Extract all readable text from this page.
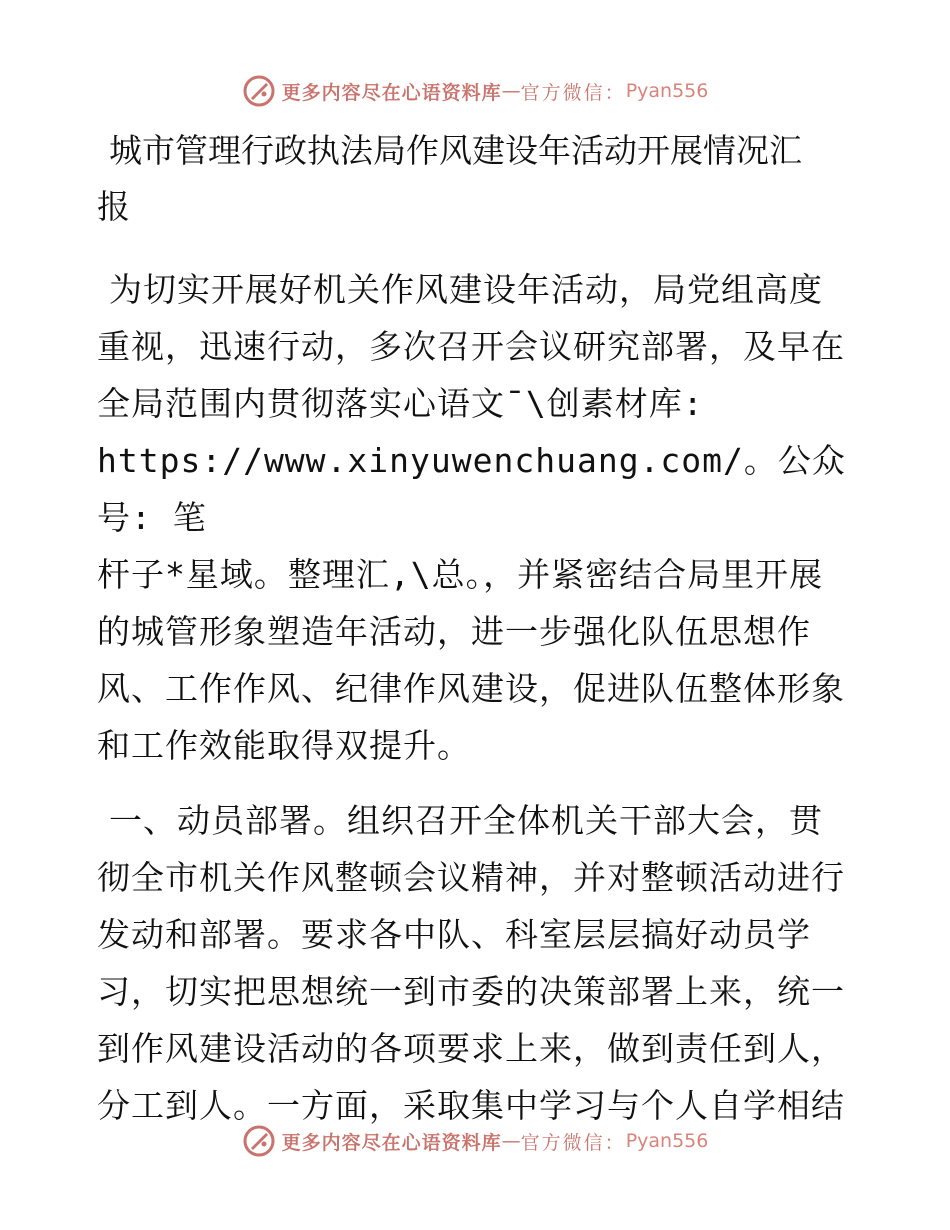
更多内容尽在心语资料库 — 官方微信： Pyan556
城市管理行政执法局作风建设年活动开展情况汇
报

为切实开展好机关作风建设年活动，局党组高度
重视，迅速行动，多次召开会议研究部署，及早在
全局范围内贯彻落实心语文¯\创素材库:
https://www.xinyuwenchuang.com/。公众号: 笔
杆子*星域。整理汇,\总。，并紧密结合局里开展
的城管形象塑造年活动，进一步强化队伍思想作
风、工作作风、纪律作风建设，促进队伍整体形象
和工作效能取得双提升。

一、动员部署。组织召开全体机关干部大会，贯
彻全市机关作风整顿会议精神，并对整顿活动进行
发动和部署。要求各中队、科室层层搞好动员学
习，切实把思想统一到市委的决策部署上来，统一
到作风建设活动的各项要求上来，做到责任到人，
分工到人。一方面，采取集中学习与个人自学相结

更多内容尽在心语资料库 — 官方微信： Pyan556
